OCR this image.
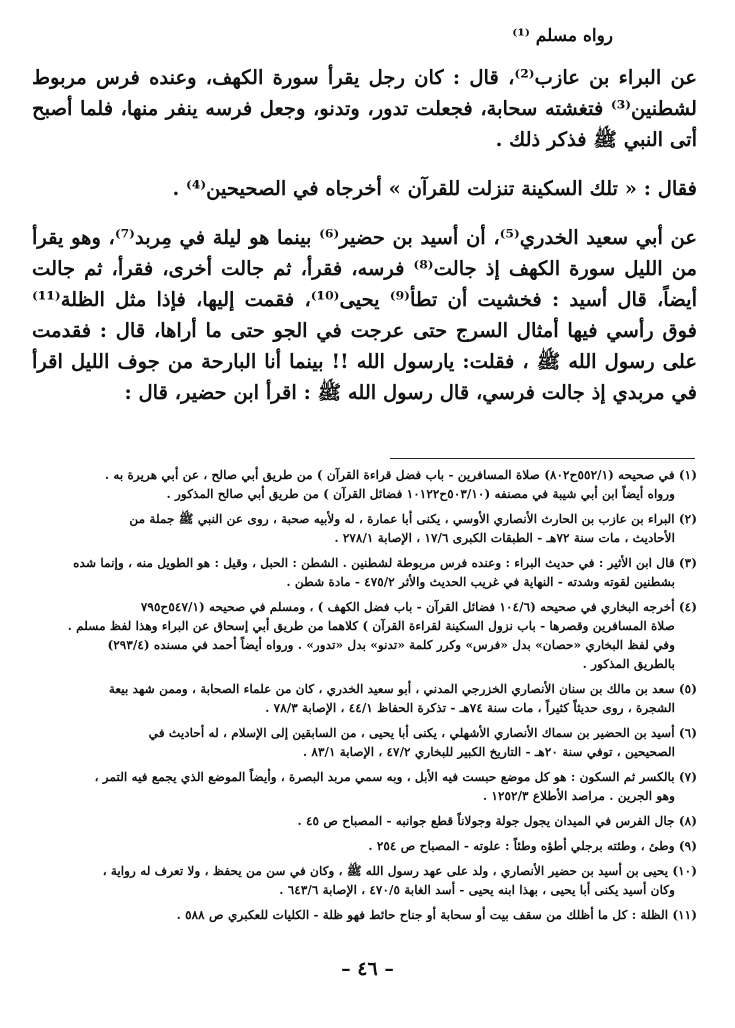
رواه مسلم ⁽¹⁾

عن البراء بن عازب⁽²⁾، قال : كان رجل يقرأ سورة الكهف، وعنده فرس مربوط لشطنين⁽³⁾ فتغشته سحابة، فجعلت تدور، وتدنو، وجعل فرسه ينفر منها، فلما أصبح أتى النبي ﷺ فذكر ذلك .

فقال : « تلك السكينة تنزلت للقرآن » أخرجاه في الصحيحين⁽⁴⁾ .

عن أبي سعيد الخدري⁽⁵⁾، أن أسيد بن حضير⁽⁶⁾ بينما هو ليلة في مِربد⁽⁷⁾، وهو يقرأ من الليل سورة الكهف إذ جالت⁽⁸⁾ فرسه، فقرأ، ثم جالت أخرى، فقرأ، ثم جالت أيضاً، قال أسيد : فخشيت أن تطأ⁽⁹⁾ يحيى⁽¹⁰⁾، فقمت إليها، فإذا مثل الظلة⁽¹¹⁾ فوق رأسي فيها أمثال السرج حتى عرجت في الجو حتى ما أراها، قال : فقدمت على رسول الله ﷺ ، فقلت: يارسول الله !! بينما أنا البارحة من جوف الليل اقرأ في مربدي إذ جالت فرسي، قال رسول الله ﷺ : اقرأ ابن حضير، قال :

(١) في صحيحه (٥٥٢/١ح٨٠٢) صلاة المسافرين - باب فضل قراءة القرآن ) من طريق أبي صالح ، عن أبي هريرة به .
ورواه أيضاً ابن أبي شيبة في مصنفه (٥٠٣/١٠ح١٠١٢٢ فضائل القرآن ) من طريق أبي صالح المذكور .
(٢) البراء بن عازب بن الحارث الأنصاري الأوسي ، يكنى أبا عمارة ، له ولأبيه صحبة ، روى عن النبي ﷺ جملة من
الأحاديث ، مات سنة ٧٢هـ - الطبقات الكبرى ١٧/٦ ، الإصابة ٢٧٨/١ .
(٣) قال ابن الأثير : في حديث البراء : وعنده فرس مربوطة لشطنين . الشطن : الحبل ، وقيل : هو الطويل منه ، وإنما شده
بشطنين لقوته وشدته - النهاية في غريب الحديث والأثر ٤٧٥/٢ - مادة شطن .
(٤) أخرجه البخاري في صحيحه (١٠٤/٦ فضائل القرآن - باب فضل الكهف ) ، ومسلم في صحيحه (٥٤٧/١ح٧٩٥
صلاة المسافرين وقصرها - باب نزول السكينة لقراءة القرآن ) كلاهما من طريق أبي إسحاق عن البراء وهذا لفظ مسلم .
وفي لفظ البخاري «حصان» بدل «فرس» وكرر كلمة «تدنو» بدل «تدور» . ورواه أيضاً أحمد في مسنده (٢٩٣/٤)
بالطريق المذكور .
(٥) سعد بن مالك بن سنان الأنصاري الخزرجي المدني ، أبو سعيد الخدري ، كان من علماء الصحابة ، وممن شهد بيعة
الشجرة ، روى حديثاً كثيراً ، مات سنة ٧٤هـ - تذكرة الحفاظ ٤٤/١ ، الإصابة ٧٨/٣ .
(٦) أسيد بن الحضير بن سماك الأنصاري الأشهلي ، يكنى أبا يحيى ، من السابقين إلى الإسلام ، له أحاديث في
الصحيحين ، توفي سنة ٢٠هـ - التاريخ الكبير للبخاري ٤٧/٢ ، الإصابة ٨٣/١ .
(٧) بالكسر ثم السكون : هو كل موضع حبست فيه الأبل ، وبه سمي مربد البصرة ، وأيضاً الموضع الذي يجمع فيه التمر ،
وهو الجرين . مراصد الأطلاع ١٢٥٢/٣ .
(٨) جال الفرس في الميدان يجول جولة وجولاناً قطع جوانبه - المصباح ص ٤٥ .
(٩) وطئ ، وطئته برجلي أطؤه وطئاً : علوته - المصباح ص ٢٥٤ .
(١٠) يحيى بن أسيد بن حضير الأنصاري ، ولد على عهد رسول الله ﷺ ، وكان في سن من يحفظ ، ولا تعرف له رواية ،
وكان أسيد يكنى أبا يحيى ، بهذا ابنه يحيى - أسد الغابة ٤٧٠/٥ ، الإصابة ٦٤٣/٦ .
(١١) الظلة : كل ما أظلك من سقف بيت أو سحابة أو جناح حائط فهو ظلة - الكليات للعكبري ص ٥٨٨ .
– ٤٦ –
